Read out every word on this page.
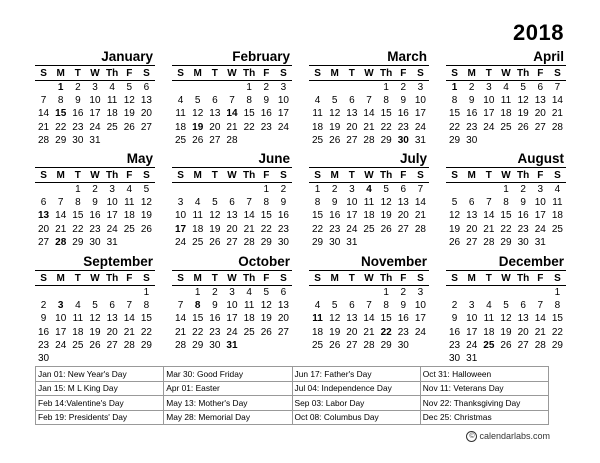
2018
January
S	M	T	W	Th	F	S
	1	2	3	4	5	6
7	8	9	10	11	12	13
14	15	16	17	18	19	20
21	22	23	24	25	26	27
28	29	30	31			
February
S	M	T	W	Th	F	S
				1	2	3
4	5	6	7	8	9	10
11	12	13	14	15	16	17
18	19	20	21	22	23	24
25	26	27	28			
March
S	M	T	W	Th	F	S
				1	2	3
4	5	6	7	8	9	10
11	12	13	14	15	16	17
18	19	20	21	22	23	24
25	26	27	28	29	30	31
April
S	M	T	W	Th	F	S
1	2	3	4	5	6	7
8	9	10	11	12	13	14
15	16	17	18	19	20	21
22	23	24	25	26	27	28
29	30					
May
S	M	T	W	Th	F	S
		1	2	3	4	5
6	7	8	9	10	11	12
13	14	15	16	17	18	19
20	21	22	23	24	25	26
27	28	29	30	31		
June
S	M	T	W	Th	F	S
					1	2
3	4	5	6	7	8	9
10	11	12	13	14	15	16
17	18	19	20	21	22	23
24	25	26	27	28	29	30
July
S	M	T	W	Th	F	S
1	2	3	4	5	6	7
8	9	10	11	12	13	14
15	16	17	18	19	20	21
22	23	24	25	26	27	28
29	30	31				
August
S	M	T	W	Th	F	S
			1	2	3	4
5	6	7	8	9	10	11
12	13	14	15	16	17	18
19	20	21	22	23	24	25
26	27	28	29	30	31	
September
S	M	T	W	Th	F	S
						1
2	3	4	5	6	7	8
9	10	11	12	13	14	15
16	17	18	19	20	21	22
23	24	25	26	27	28	29
30						
October
S	M	T	W	Th	F	S
	1	2	3	4	5	6
7	8	9	10	11	12	13
14	15	16	17	18	19	20
21	22	23	24	25	26	27
28	29	30	31			
November
S	M	T	W	Th	F	S
				1	2	3
4	5	6	7	8	9	10
11	12	13	14	15	16	17
18	19	20	21	22	23	24
25	26	27	28	29	30	
December
S	M	T	W	Th	F	S
						1
2	3	4	5	6	7	8
9	10	11	12	13	14	15
16	17	18	19	20	21	22
23	24	25	26	27	28	29
30	31					
Jan 01: New Year's Day	Mar 30: Good Friday	Jun 17: Father's Day	Oct 31: Halloween
Jan 15: M L King Day	Apr 01: Easter	Jul 04: Independence Day	Nov 11: Veterans Day
Feb 14:Valentine's Day	May 13: Mother's Day	Sep 03: Labor Day	Nov 22: Thanksgiving Day
Feb 19: Presidents' Day	May 28: Memorial Day	Oct 08: Columbus Day	Dec 25: Christmas
© calendarlabs.com
